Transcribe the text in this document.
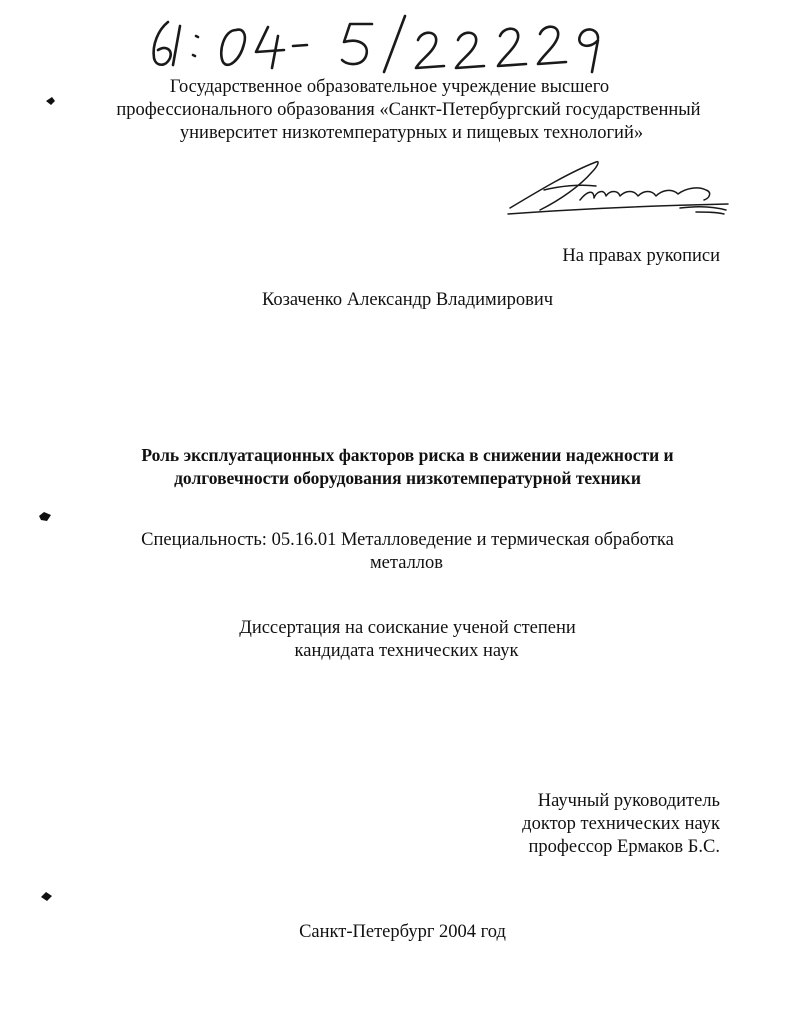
Государственное образовательное учреждение высшего
профессионального образования «Санкт-Петербургский государственный
университет низкотемпературных и пищевых технологий»
На правах рукописи
Козаченко Александр Владимирович
Роль эксплуатационных факторов риска в снижении надежности и
долговечности оборудования низкотемпературной техники
Специальность: 05.16.01 Металловедение и термическая обработка
металлов
Диссертация на соискание ученой степени
кандидата технических наук
Научный руководитель
доктор технических наук
профессор Ермаков Б.С.
Санкт-Петербург 2004 год
